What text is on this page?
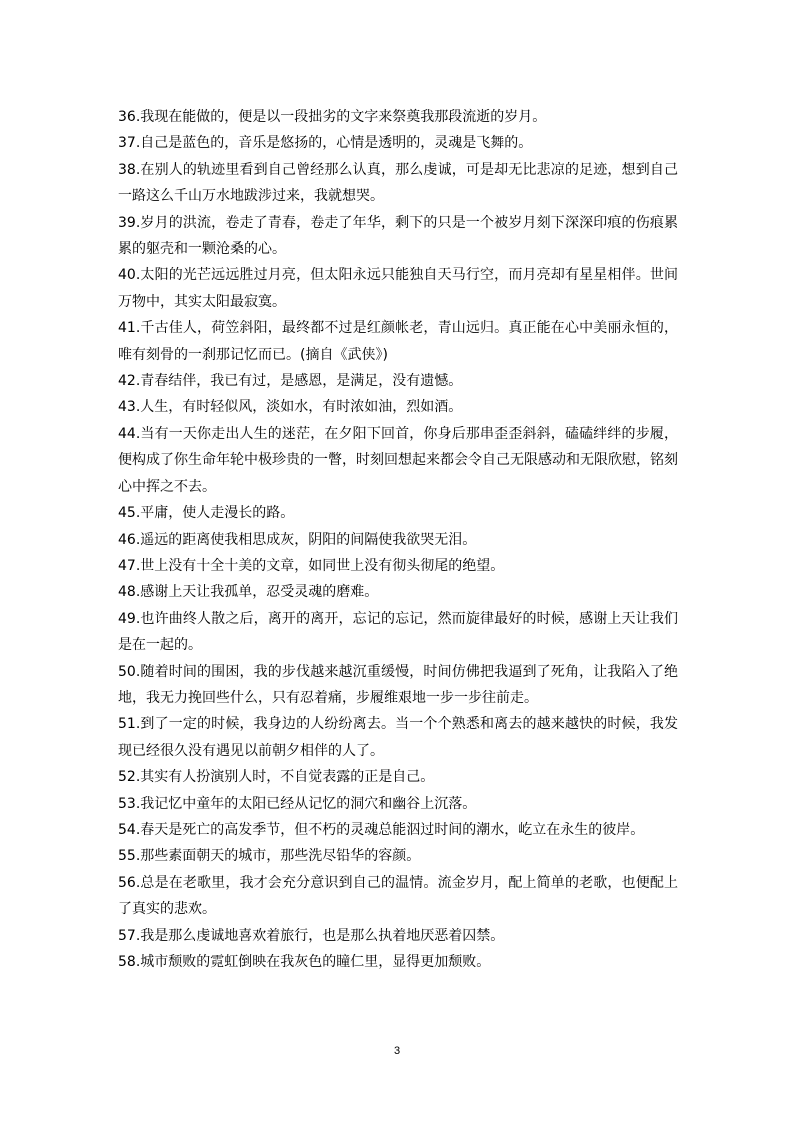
36.我现在能做的，便是以一段拙劣的文字来祭奠我那段流逝的岁月。

37.自己是蓝色的，音乐是悠扬的，心情是透明的，灵魂是飞舞的。

38.在别人的轨迹里看到自己曾经那么认真，那么虔诚，可是却无比悲凉的足迹，想到自己一路这么千山万水地跋涉过来，我就想哭。

39.岁月的洪流，卷走了青春，卷走了年华，剩下的只是一个被岁月刻下深深印痕的伤痕累累的躯壳和一颗沧桑的心。

40.太阳的光芒远远胜过月亮，但太阳永远只能独自天马行空，而月亮却有星星相伴。世间万物中，其实太阳最寂寞。

41.千古佳人，荷笠斜阳，最终都不过是红颜帐老，青山远归。真正能在心中美丽永恒的，唯有刻骨的一刹那记忆而已。(摘自《武侠》)

42.青春结伴，我已有过，是感恩，是满足，没有遗憾。

43.人生，有时轻似风，淡如水，有时浓如油，烈如酒。

44.当有一天你走出人生的迷茫，在夕阳下回首，你身后那串歪歪斜斜，磕磕绊绊的步履，便构成了你生命年轮中极珍贵的一瞥，时刻回想起来都会令自己无限感动和无限欣慰，铭刻心中挥之不去。

45.平庸，使人走漫长的路。

46.遥远的距离使我相思成灰，阴阳的间隔使我欲哭无泪。

47.世上没有十全十美的文章，如同世上没有彻头彻尾的绝望。

48.感谢上天让我孤单，忍受灵魂的磨难。

49.也许曲终人散之后，离开的离开，忘记的忘记，然而旋律最好的时候，感谢上天让我们是在一起的。

50.随着时间的围困，我的步伐越来越沉重缓慢，时间仿佛把我逼到了死角，让我陷入了绝地，我无力挽回些什么，只有忍着痛，步履维艰地一步一步往前走。

51.到了一定的时候，我身边的人纷纷离去。当一个个熟悉和离去的越来越快的时候，我发现已经很久没有遇见以前朝夕相伴的人了。

52.其实有人扮演别人时，不自觉表露的正是自己。

53.我记忆中童年的太阳已经从记忆的洞穴和幽谷上沉落。

54.春天是死亡的高发季节，但不朽的灵魂总能泅过时间的潮水，屹立在永生的彼岸。

55.那些素面朝天的城市，那些洗尽铅华的容颜。

56.总是在老歌里，我才会充分意识到自己的温情。流金岁月，配上简单的老歌，也便配上了真实的悲欢。

57.我是那么虔诚地喜欢着旅行，也是那么执着地厌恶着囚禁。

58.城市颓败的霓虹倒映在我灰色的瞳仁里，显得更加颓败。

3
